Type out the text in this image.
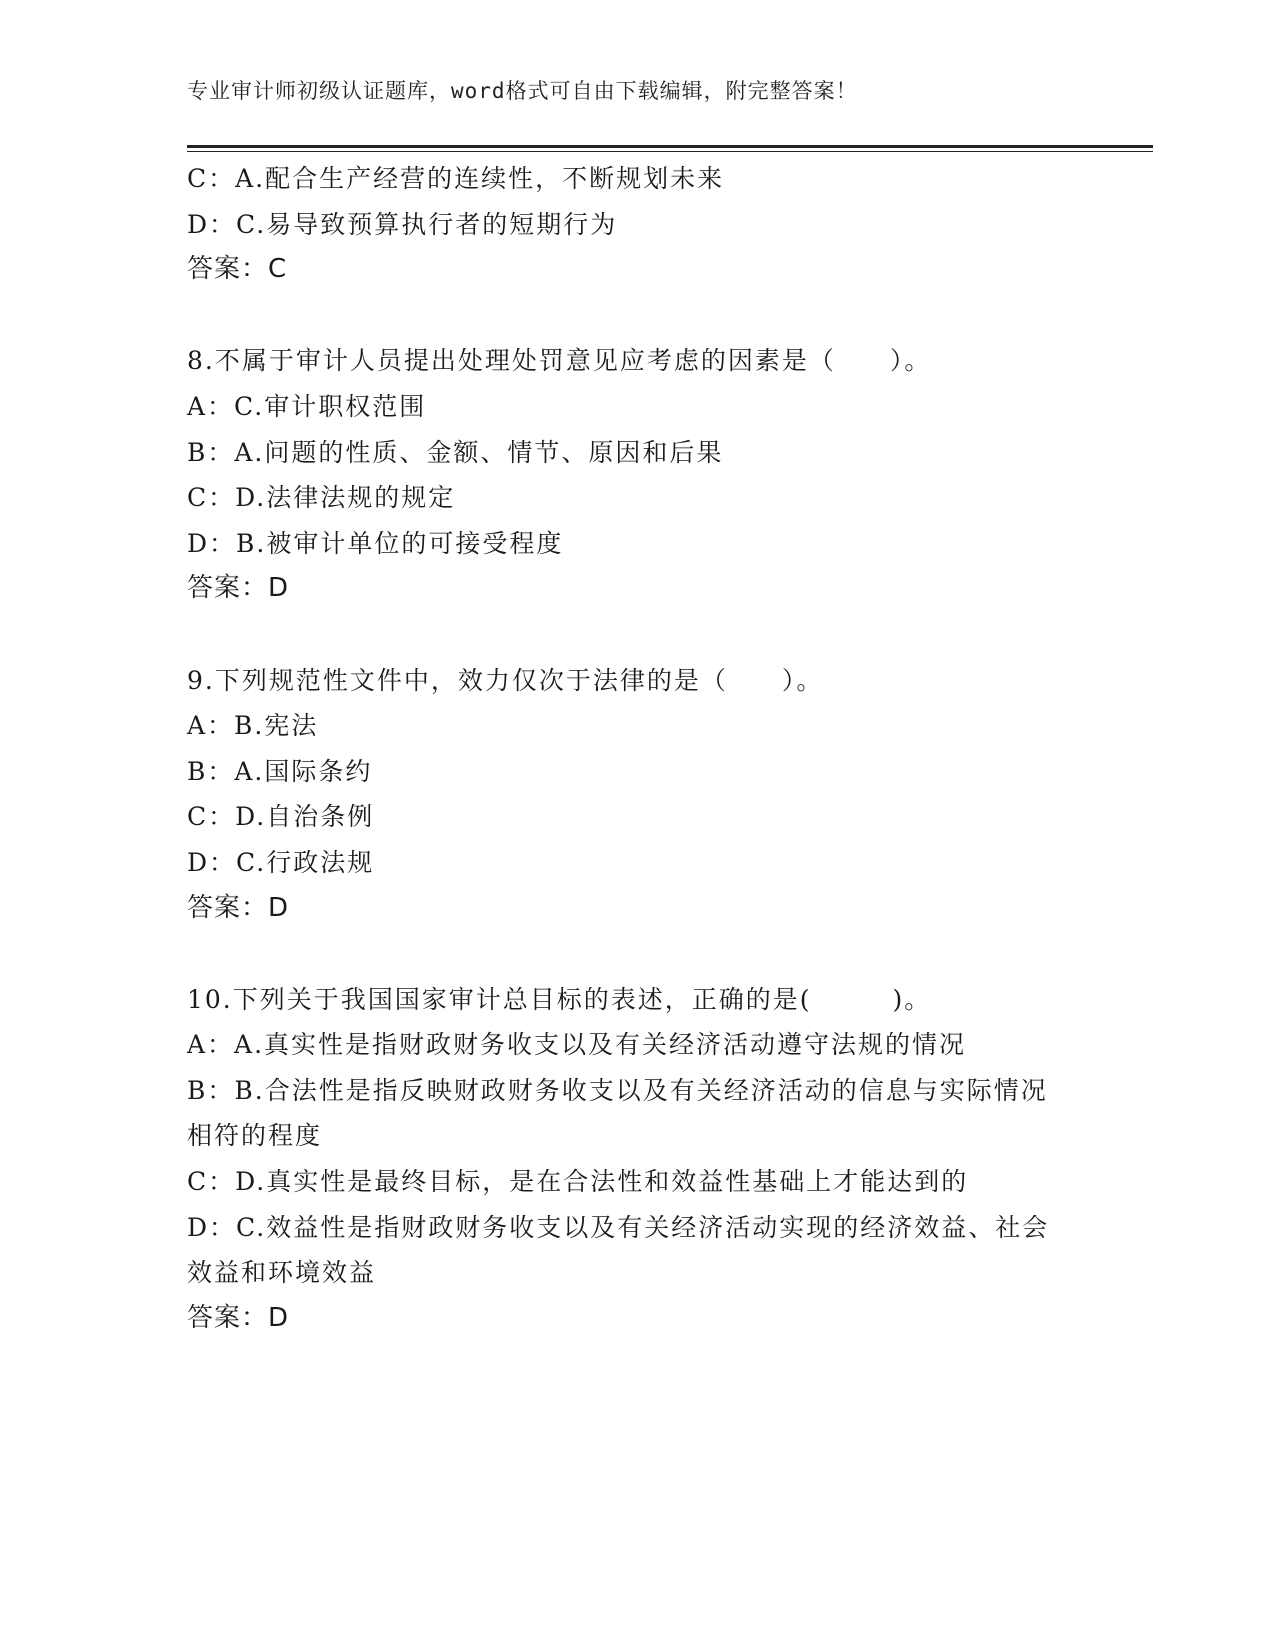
专业审计师初级认证题库，word格式可自由下载编辑，附完整答案！
C：A.配合生产经营的连续性，不断规划未来
D：C.易导致预算执行者的短期行为
答案：C
8.不属于审计人员提出处理处罚意见应考虑的因素是（　　）。
A：C.审计职权范围
B：A.问题的性质、金额、情节、原因和后果
C：D.法律法规的规定
D：B.被审计单位的可接受程度
答案：D
9.下列规范性文件中，效力仅次于法律的是（　　）。
A：B.宪法
B：A.国际条约
C：D.自治条例
D：C.行政法规
答案：D
10.下列关于我国国家审计总目标的表述，正确的是(　　　)。
A：A.真实性是指财政财务收支以及有关经济活动遵守法规的情况
B：B.合法性是指反映财政财务收支以及有关经济活动的信息与实际情况相符的程度
C：D.真实性是最终目标，是在合法性和效益性基础上才能达到的
D：C.效益性是指财政财务收支以及有关经济活动实现的经济效益、社会效益和环境效益
答案：D
